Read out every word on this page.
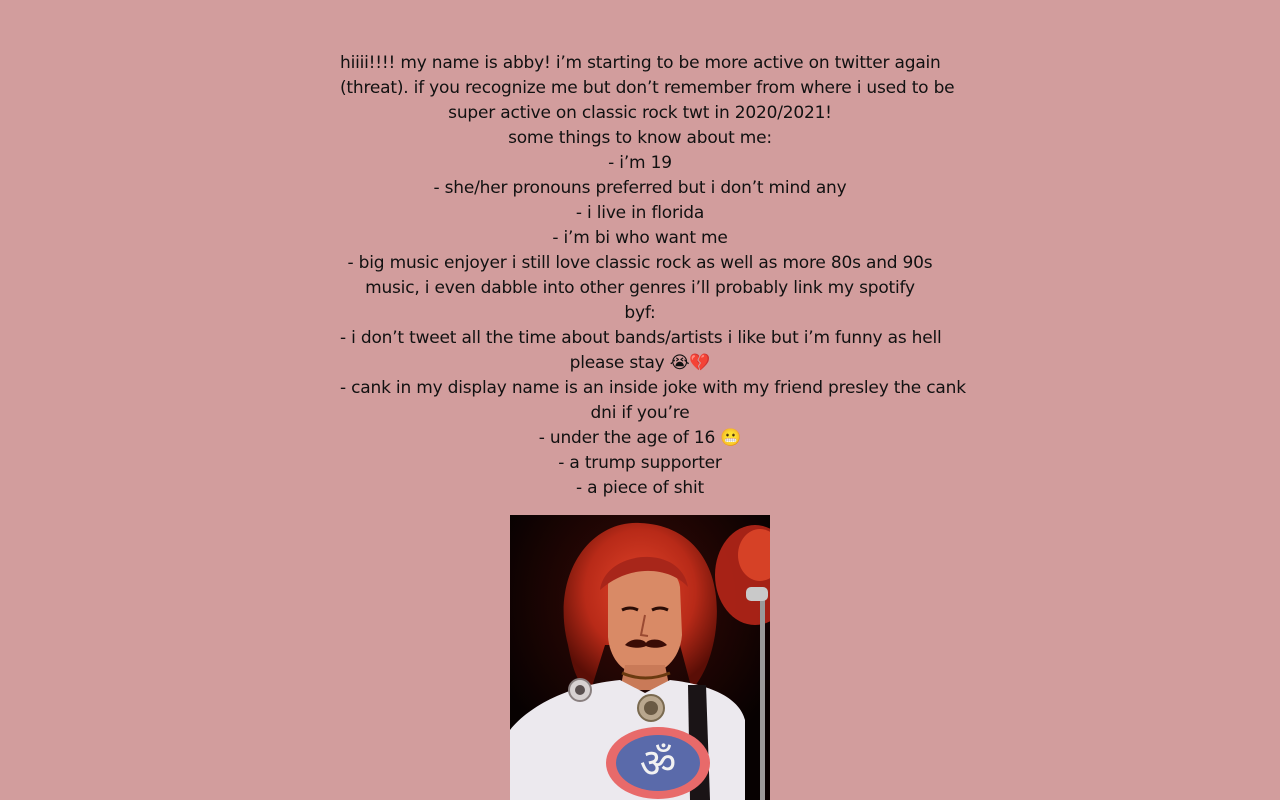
hiiii!!!! my name is abby! i’m starting to be more active on twitter again
(threat). if you recognize me but don’t remember from where i used to be
super active on classic rock twt in 2020/2021!
some things to know about me:
- i’m 19
- she/her pronouns preferred but i don’t mind any
- i live in florida
- i’m bi who want me
- big music enjoyer i still love classic rock as well as more 80s and 90s
music, i even dabble into other genres i’ll probably link my spotify
byf:
- i don’t tweet all the time about bands/artists i like but i’m funny as hell
please stay 😭💔
- cank in my display name is an inside joke with my friend presley the cank
dni if you’re
- under the age of 16 😬
- a trump supporter
- a piece of shit
ॐ
